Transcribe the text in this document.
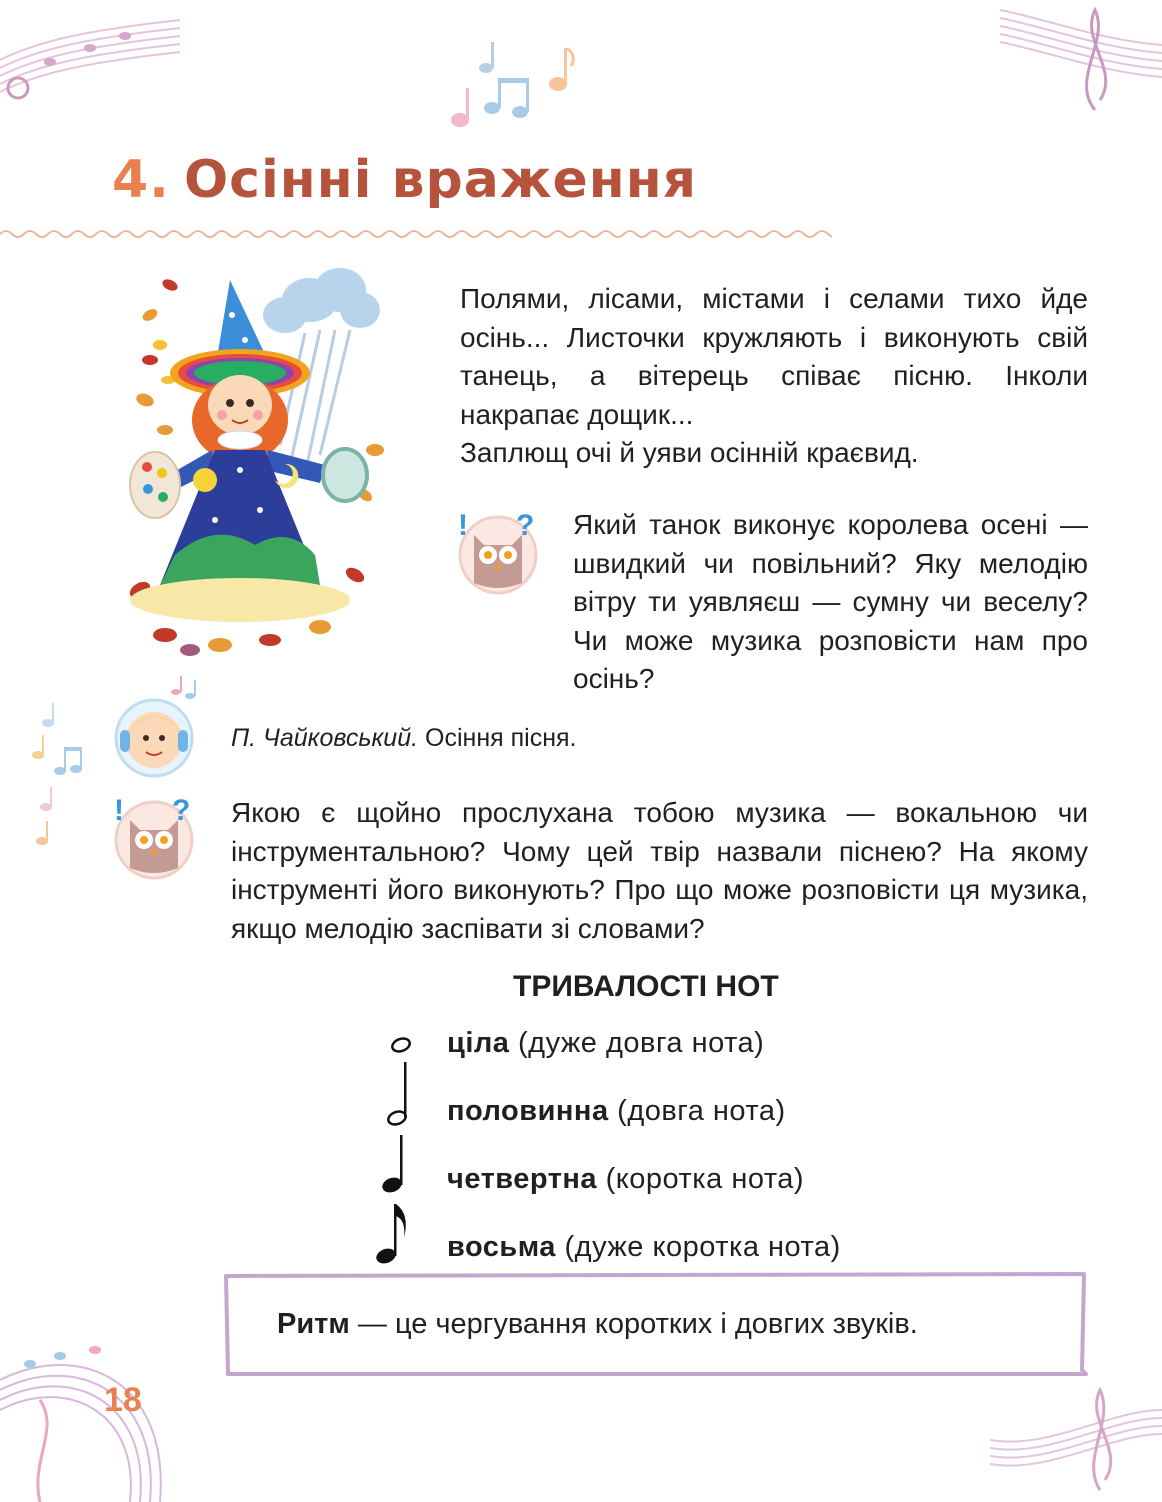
4. Осінні враження

Полями, лісами, містами і селами тихо йде осінь... Листочки кружляють і виконують свій танець, а вітерець співає пісню. Інколи накрапає дощик...

Заплющ очі й уяви осінній краєвид.

! ? Який танок виконує королева осені — швидкий чи повільний? Яку мелодію вітру ти уявляєш — сумну чи веселу? Чи може музика розповісти нам про осінь?
П. Чайковський. Осіння пісня.
! ? Якою є щойно прослухана тобою музика — вокальною чи інструментальною? Чому цей твір назвали піснею? На якому інструменті його виконують? Про що може розповісти ця музика, якщо мелодію заспівати зі словами?
ТРИВАЛОСТІ НОТ
ціла (дуже довга нота)
половинна (довга нота)
четвертна (коротка нота)
восьма (дуже коротка нота)
Ритм — це чергування коротких і довгих звуків.
18
